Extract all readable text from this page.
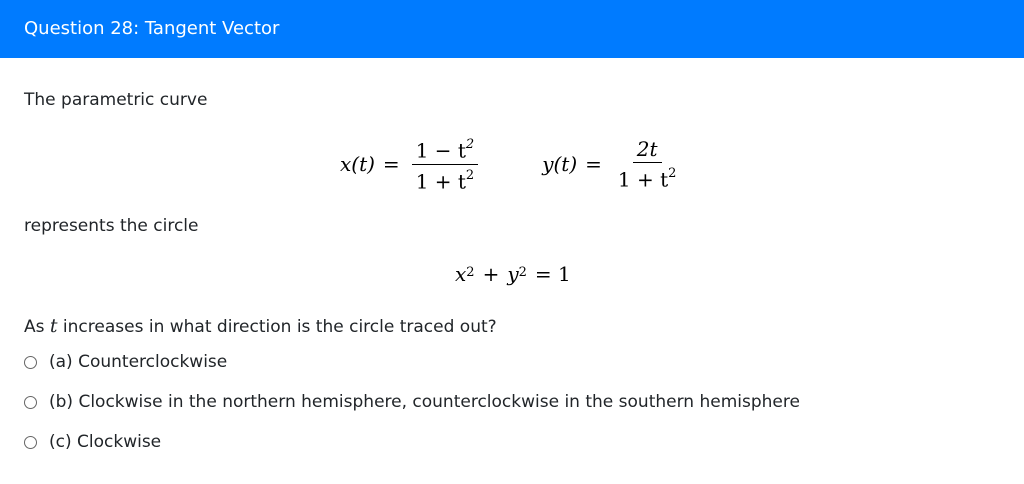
Question 28: Tangent Vector
The parametric curve
$x(t) = \frac{1 - t^2}{1 + t^2}$	$y(t) = \frac{2t}{1 + t^2}$
represents the circle
$x^2 + y^2 = 1$
As t increases in what direction is the circle traced out?
(a) Counterclockwise
(b) Clockwise in the northern hemisphere, counterclockwise in the southern hemisphere
(c) Clockwise
